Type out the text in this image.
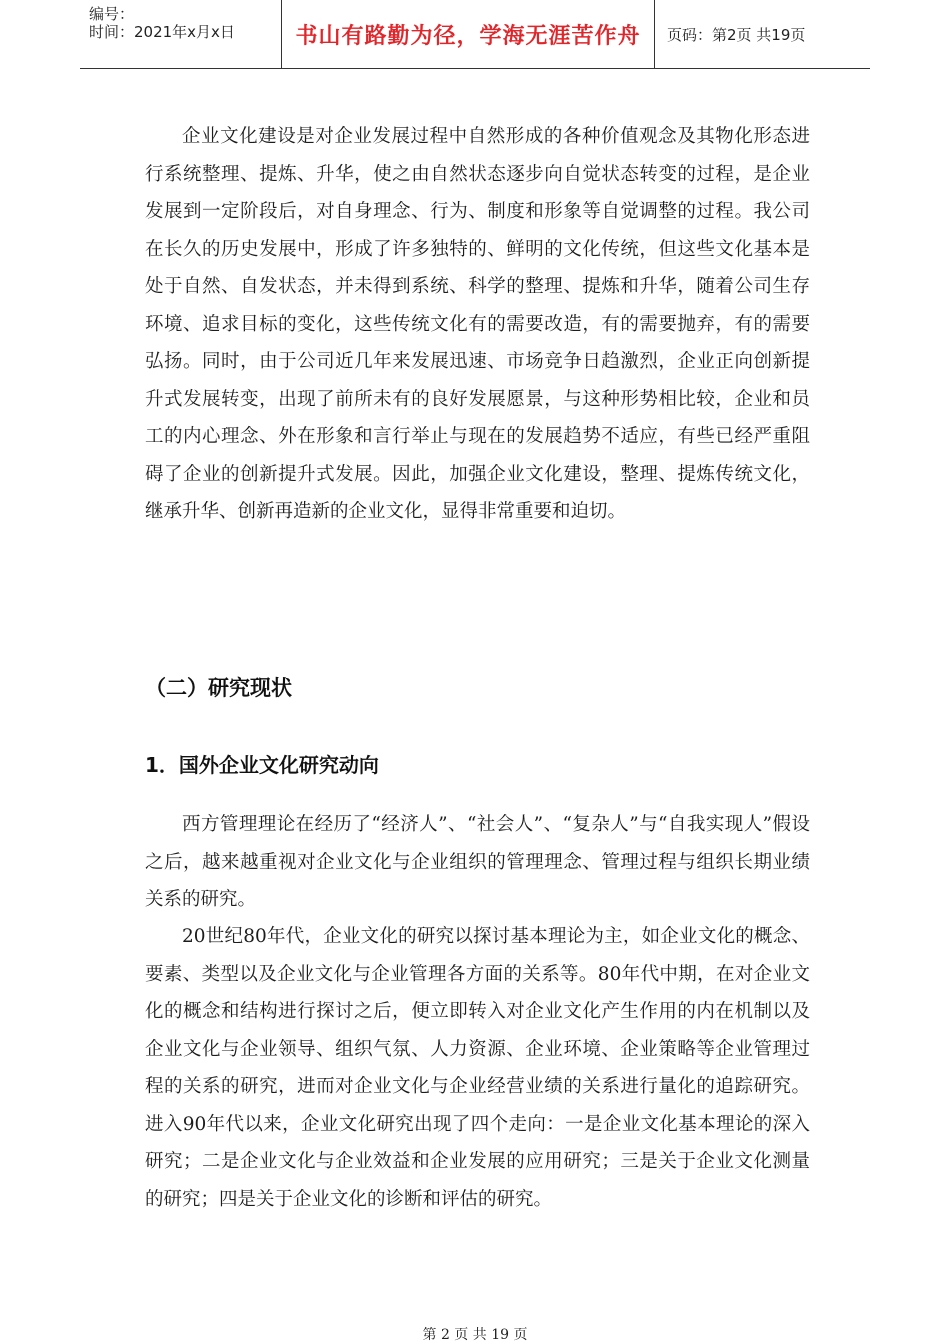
编号：
时间：2021年x月x日	书山有路勤为径，学海无涯苦作舟 页码：第2页 共19页

企业文化建设是对企业发展过程中自然形成的各种价值观念及其物化形态进行系统整理、提炼、升华，使之由自然状态逐步向自觉状态转变的过程，是企业发展到一定阶段后，对自身理念、行为、制度和形象等自觉调整的过程。我公司在长久的历史发展中，形成了许多独特的、鲜明的文化传统，但这些文化基本是处于自然、自发状态，并未得到系统、科学的整理、提炼和升华，随着公司生存环境、追求目标的变化，这些传统文化有的需要改造，有的需要抛弃，有的需要弘扬。同时，由于公司近几年来发展迅速、市场竞争日趋激烈，企业正向创新提升式发展转变，出现了前所未有的良好发展愿景，与这种形势相比较，企业和员工的内心理念、外在形象和言行举止与现在的发展趋势不适应，有些已经严重阻碍了企业的创新提升式发展。因此，加强企业文化建设，整理、提炼传统文化，继承升华、创新再造新的企业文化，显得非常重要和迫切。

（二）研究现状
1．国外企业文化研究动向

西方管理理论在经历了“经济人”、“社会人”、“复杂人”与“自我实现人”假设之后，越来越重视对企业文化与企业组织的管理理念、管理过程与组织长期业绩关系的研究。

20世纪80年代，企业文化的研究以探讨基本理论为主，如企业文化的概念、要素、类型以及企业文化与企业管理各方面的关系等。80年代中期，在对企业文化的概念和结构进行探讨之后，便立即转入对企业文化产生作用的内在机制以及企业文化与企业领导、组织气氛、人力资源、企业环境、企业策略等企业管理过程的关系的研究，进而对企业文化与企业经营业绩的关系进行量化的追踪研究。进入90年代以来，企业文化研究出现了四个走向：一是企业文化基本理论的深入研究；二是企业文化与企业效益和企业发展的应用研究；三是关于企业文化测量的研究；四是关于企业文化的诊断和评估的研究。

第 2 页 共 19 页
